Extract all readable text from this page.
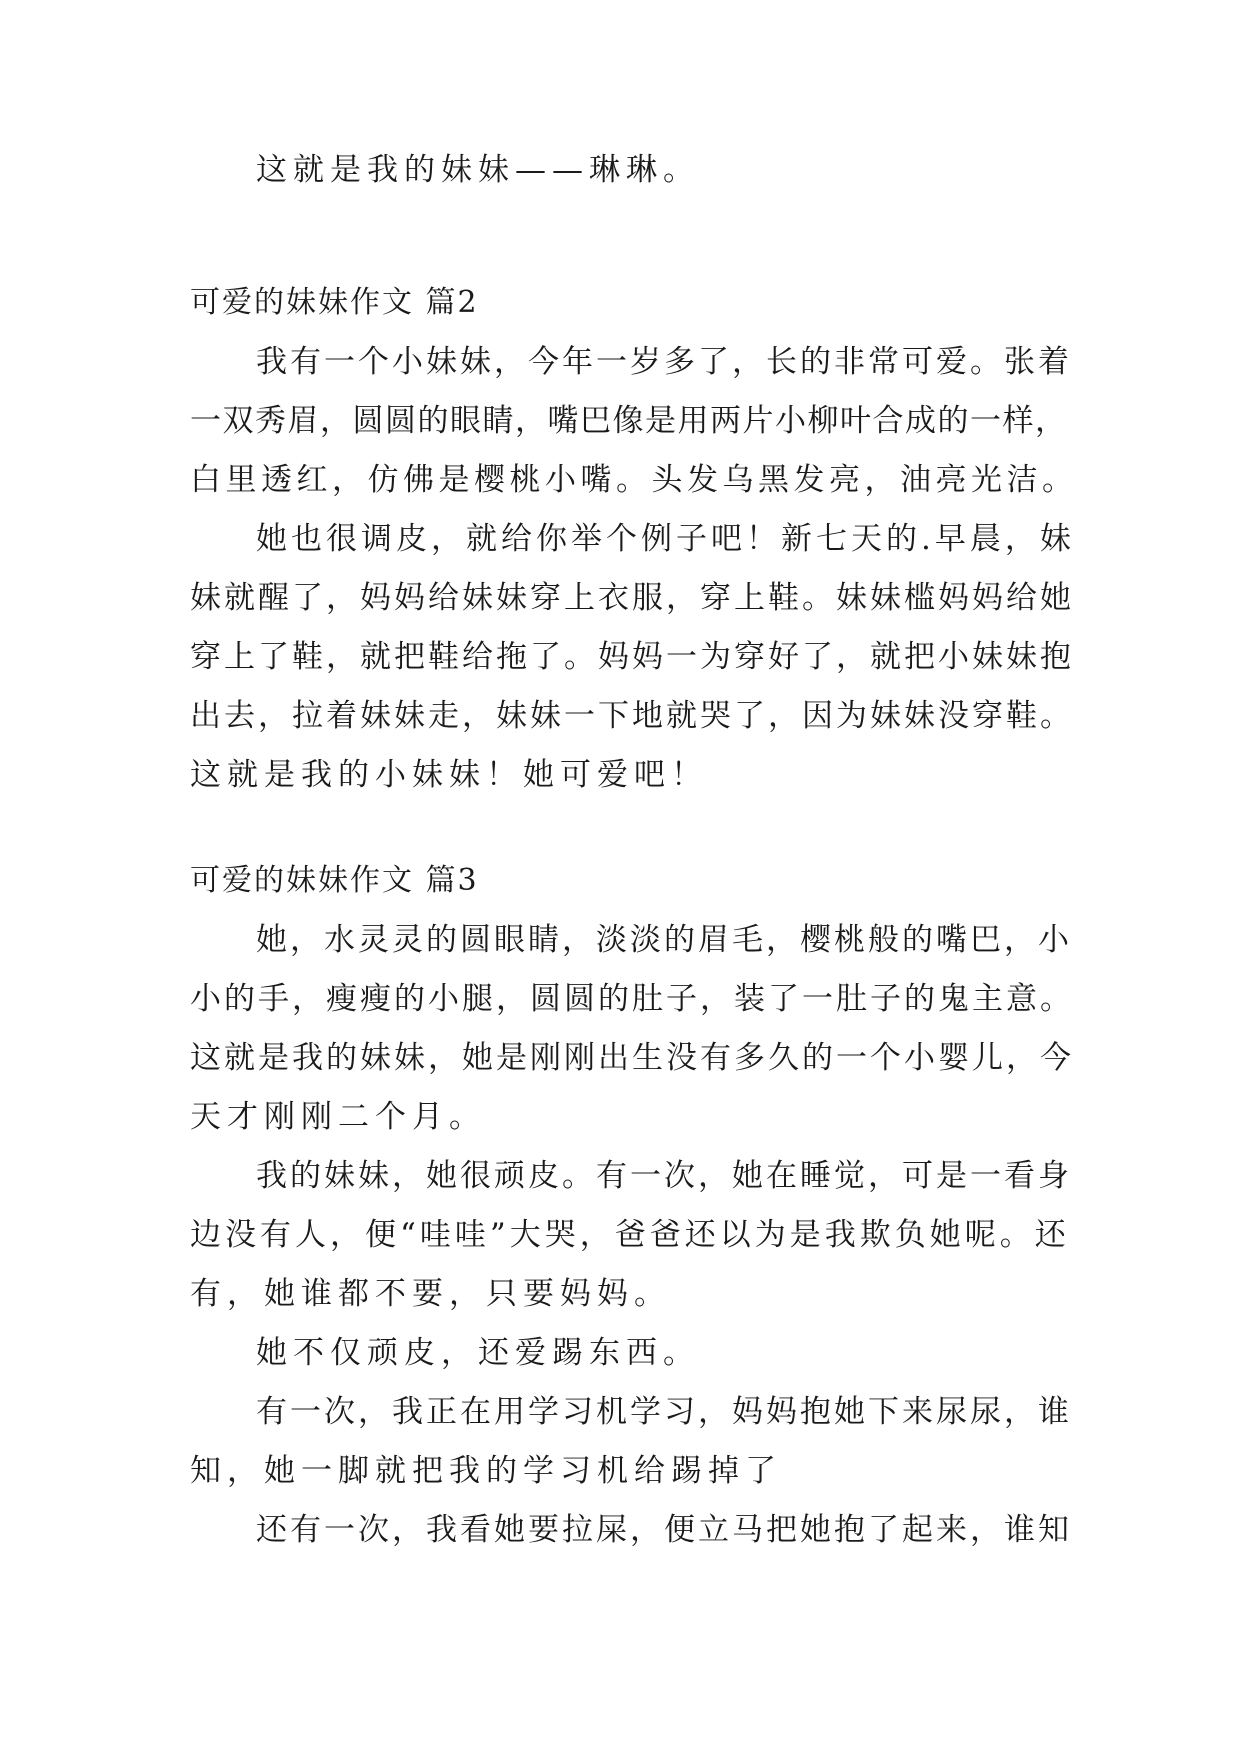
这就是我的妹妹——琳琳。
可爱的妹妹作文 篇2
我有一个小妹妹，今年一岁多了，长的非常可爱。张着
一双秀眉，圆圆的眼睛，嘴巴像是用两片小柳叶合成的一样，
白里透红，仿佛是樱桃小嘴。头发乌黑发亮，油亮光洁。
她也很调皮，就给你举个例子吧！新七天的.早晨，妹
妹就醒了，妈妈给妹妹穿上衣服，穿上鞋。妹妹槛妈妈给她
穿上了鞋，就把鞋给拖了。妈妈一为穿好了，就把小妹妹抱
出去，拉着妹妹走，妹妹一下地就哭了，因为妹妹没穿鞋。
这就是我的小妹妹！她可爱吧！
可爱的妹妹作文 篇3
她，水灵灵的圆眼睛，淡淡的眉毛，樱桃般的嘴巴，小
小的手，瘦瘦的小腿，圆圆的肚子，装了一肚子的鬼主意。
这就是我的妹妹，她是刚刚出生没有多久的一个小婴儿，今
天才刚刚二个月。
我的妹妹，她很顽皮。有一次，她在睡觉，可是一看身
边没有人，便“哇哇”大哭，爸爸还以为是我欺负她呢。还
有，她谁都不要，只要妈妈。
她不仅顽皮，还爱踢东西。
有一次，我正在用学习机学习，妈妈抱她下来尿尿，谁
知，她一脚就把我的学习机给踢掉了
还有一次，我看她要拉屎，便立马把她抱了起来，谁知
